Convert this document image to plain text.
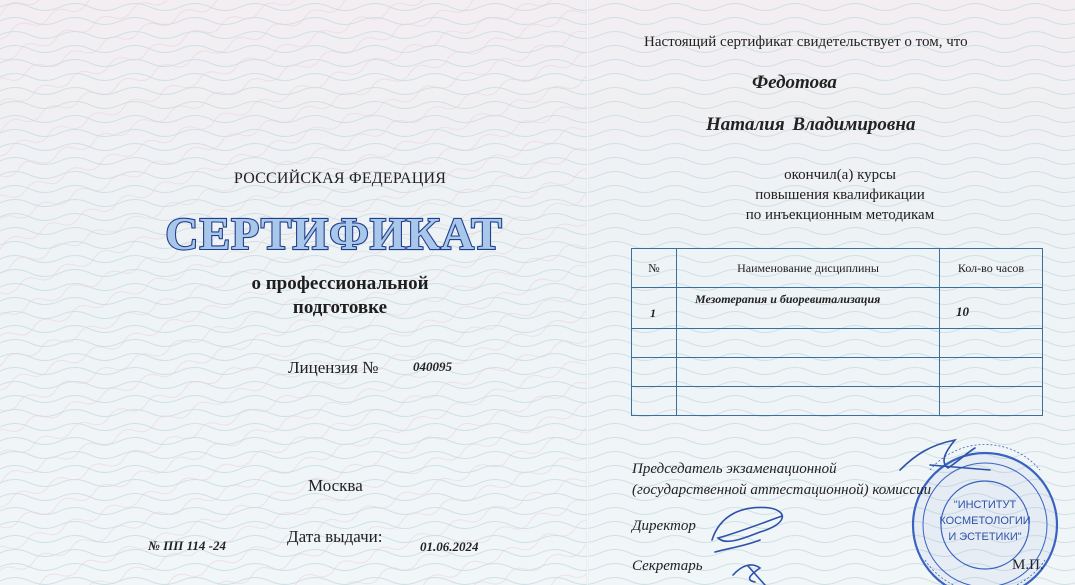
РОССИЙСКАЯ ФЕДЕРАЦИЯ
СЕРТИФИКАТ
о профессиональной
подготовке
Лицензия №	040095
Москва
№ ПП 114 -24	Дата выдачи:
01.06.2024
Настоящий сертификат свидетельствует о том, что
Федотова
Наталия Владимировна
окончил(а) курсы
повышения квалификации
по инъекционным методикам
№	Наименование дисциплины	Кол-во часов
1	Мезотерапия и биоревитализация	10

"ИНСТИТУТ
КОСМЕТОЛОГИИ
И ЭСТЕТИКИ"
Председатель экзаменационной
(государственной аттестационной) комиссии
Директор
Секретарь	М.П.
